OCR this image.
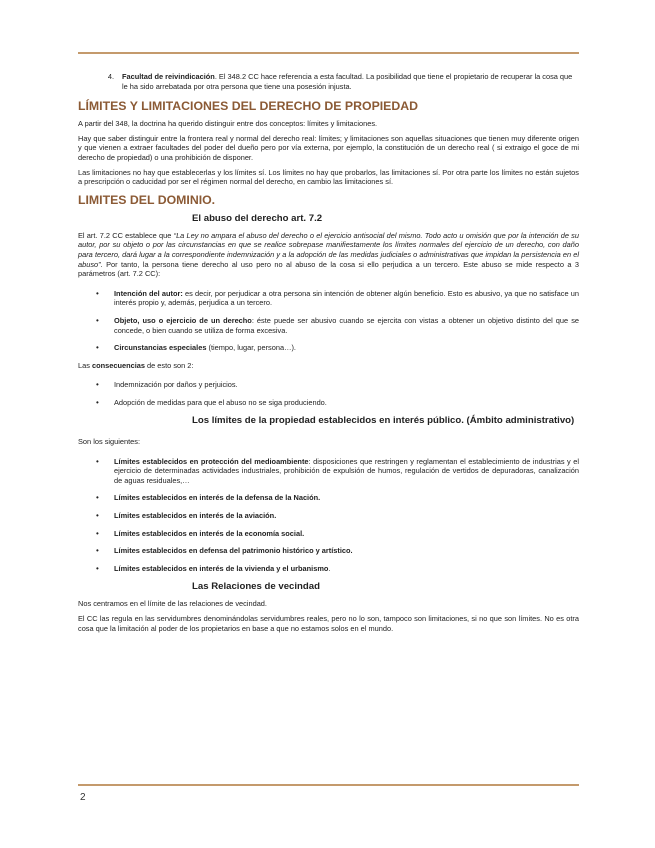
4.	Facultad de reivindicación. El 348.2 CC hace referencia a esta facultad. La posibilidad que tiene el propietario de recuperar la cosa que le ha sido arrebatada por otra persona que tiene una posesión injusta.
LÍMITES Y LIMITACIONES DEL DERECHO DE PROPIEDAD

A partir del 348, la doctrina ha querido distinguir entre dos conceptos: límites y limitaciones.

Hay que saber distinguir entre la frontera real y normal del derecho real: límites; y limitaciones son aquellas situaciones que tienen muy diferente origen y que vienen a extraer facultades del poder del dueño pero por vía externa, por ejemplo, la constitución de un derecho real ( si extraigo el goce de mi derecho de propiedad) o una prohibición de disponer.

Las limitaciones no hay que establecerlas y los límites sí. Los límites no hay que probarlos, las limitaciones sí. Por otra parte los límites no están sujetos a prescripción o caducidad por ser el régimen normal del derecho, en cambio las limitaciones sí.

LIMITES DEL DOMINIO.
El abuso del derecho art. 7.2

El art. 7.2 CC establece que “La Ley no ampara el abuso del derecho o el ejercicio antisocial del mismo. Todo acto u omisión que por la intención de su autor, por su objeto o por las circunstancias en que se realice sobrepase manifiestamente los límites normales del ejercicio de un derecho, con daño para tercero, dará lugar a la correspondiente indemnización y a la adopción de las medidas judiciales o administrativas que impidan la persistencia en el abuso”. Por tanto, la persona tiene derecho al uso pero no al abuso de la cosa si ello perjudica a un tercero. Este abuso se mide respecto a 3 parámetros (art. 7.2 CC):

• Intención del autor: es decir, por perjudicar a otra persona sin intención de obtener algún beneficio. Esto es abusivo, ya que no satisface un interés propio y, además, perjudica a un tercero.
• Objeto, uso o ejercicio de un derecho: éste puede ser abusivo cuando se ejercita con vistas a obtener un objetivo distinto del que se concede, o bien cuando se utiliza de forma excesiva.
• Circunstancias especiales (tiempo, lugar, persona…).

Las consecuencias de esto son 2:

• Indemnización por daños y perjuicios.
• Adopción de medidas para que el abuso no se siga produciendo.
Los límites de la propiedad establecidos en interés público. (Ámbito administrativo)

Son los siguientes:

• Límites establecidos en protección del medioambiente: disposiciones que restringen y reglamentan el establecimiento de industrias y el ejercicio de determinadas actividades industriales, prohibición de expulsión de humos, regulación de vertidos de depuradoras, canalización de aguas residuales,…
• Límites establecidos en interés de la defensa de la Nación.
• Límites establecidos en interés de la aviación.
• Límites establecidos en interés de la economía social.
• Límites establecidos en defensa del patrimonio histórico y artístico.
• Límites establecidos en interés de la vivienda y el urbanismo.
Las Relaciones de vecindad

Nos centramos en el límite de las relaciones de vecindad.

El CC las regula en las servidumbres denominándolas servidumbres reales, pero no lo son, tampoco son limitaciones, si no que son límites. No es otra cosa que la limitación al poder de los propietarios en base a que no estamos solos en el mundo.

2
